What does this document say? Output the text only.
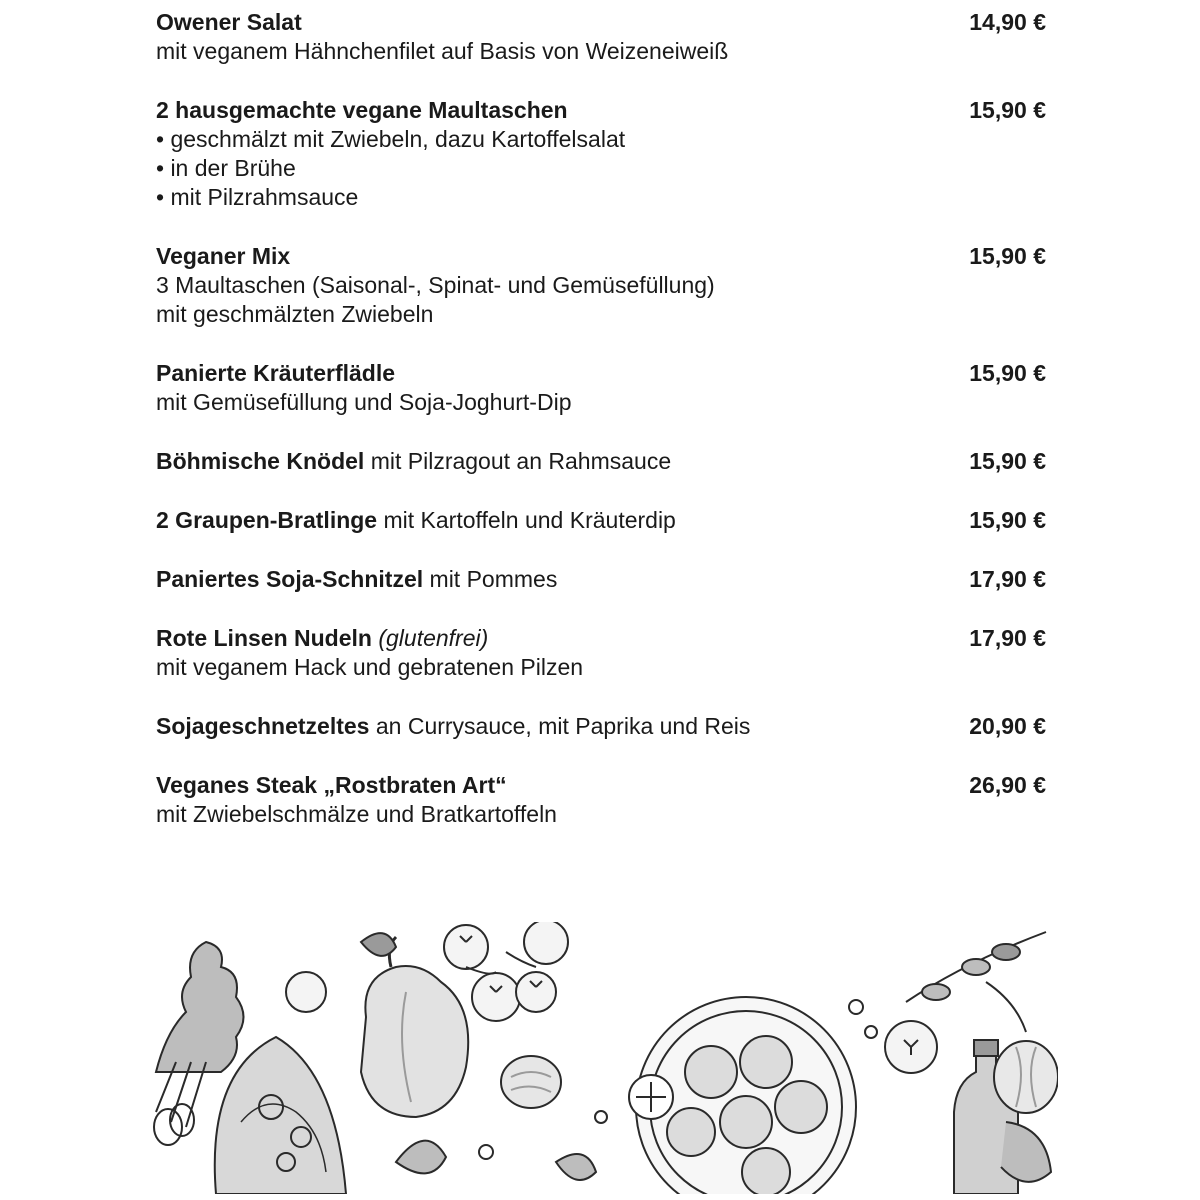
Owener Salat	14,90 €
mit veganem Hähnchenfilet auf Basis von Weizeneiweiß
2 hausgemachte vegane Maultaschen	15,90 €
• geschmälzt mit Zwiebeln, dazu Kartoffelsalat
• in der Brühe
• mit Pilzrahmsauce
Veganer Mix	15,90 €
3 Maultaschen (Saisonal-, Spinat- und Gemüsefüllung)
mit geschmälzten Zwiebeln
Panierte Kräuterflädle	15,90 €
mit Gemüsefüllung und Soja-Joghurt-Dip
Böhmische Knödel mit Pilzragout an Rahmsauce	15,90 €
2 Graupen-Bratlinge mit Kartoffeln und Kräuterdip	15,90 €
Paniertes Soja-Schnitzel mit Pommes	17,90 €
Rote Linsen Nudeln (glutenfrei)	17,90 €
mit veganem Hack und gebratenen Pilzen
Sojageschnetzeltes an Currysauce, mit Paprika und Reis	20,90 €
Veganes Steak „Rostbraten Art“	26,90 €
mit Zwiebelschmälze und Bratkartoffeln
